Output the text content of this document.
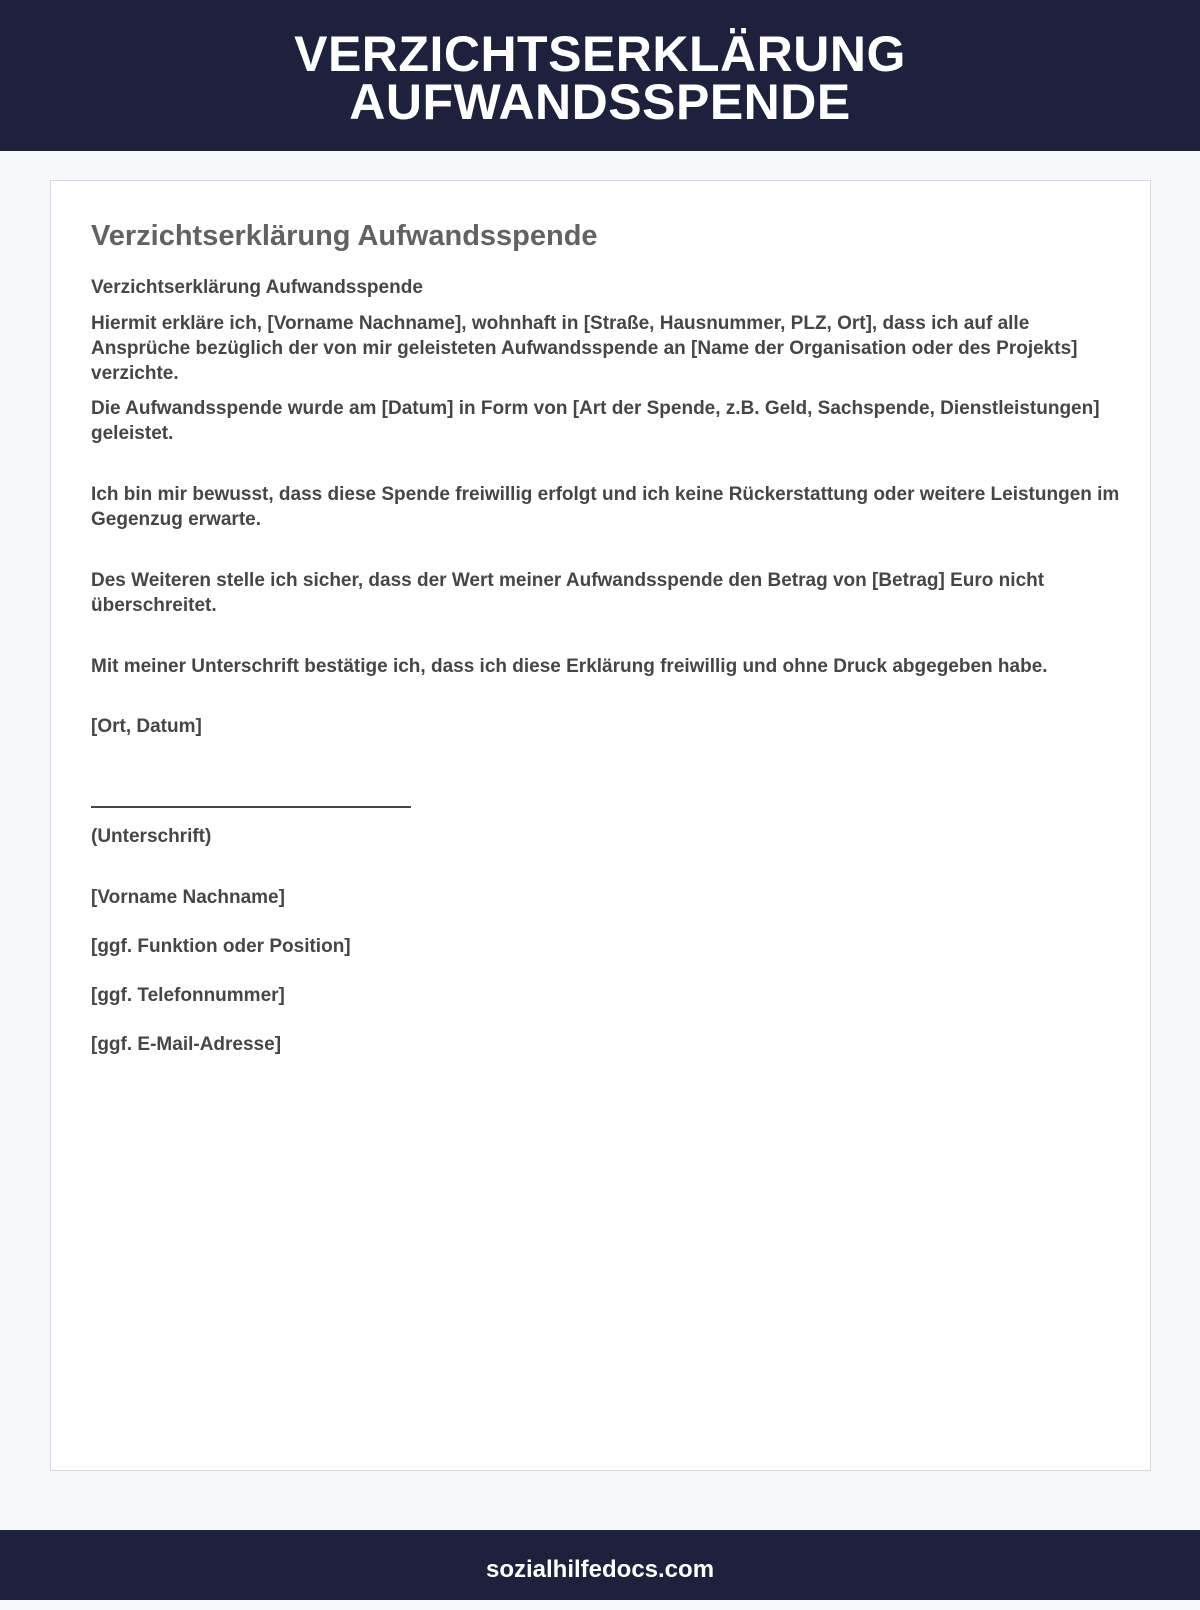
VERZICHTSERKLÄRUNG
AUFWANDSSPENDE
Verzichtserklärung Aufwandsspende

Verzichtserklärung Aufwandsspende

Hiermit erkläre ich, [Vorname Nachname], wohnhaft in [Straße, Hausnummer, PLZ, Ort], dass ich auf alle Ansprüche bezüglich der von mir geleisteten Aufwandsspende an [Name der Organisation oder des Projekts] verzichte.

Die Aufwandsspende wurde am [Datum] in Form von [Art der Spende, z.B. Geld, Sachspende, Dienstleistungen] geleistet.

Ich bin mir bewusst, dass diese Spende freiwillig erfolgt und ich keine Rückerstattung oder weitere Leistungen im Gegenzug erwarte.

Des Weiteren stelle ich sicher, dass der Wert meiner Aufwandsspende den Betrag von [Betrag] Euro nicht überschreitet.

Mit meiner Unterschrift bestätige ich, dass ich diese Erklärung freiwillig und ohne Druck abgegeben habe.

[Ort, Datum]

(Unterschrift)

[Vorname Nachname]

[ggf. Funktion oder Position]

[ggf. Telefonnummer]

[ggf. E-Mail-Adresse]

sozialhilfedocs.com
